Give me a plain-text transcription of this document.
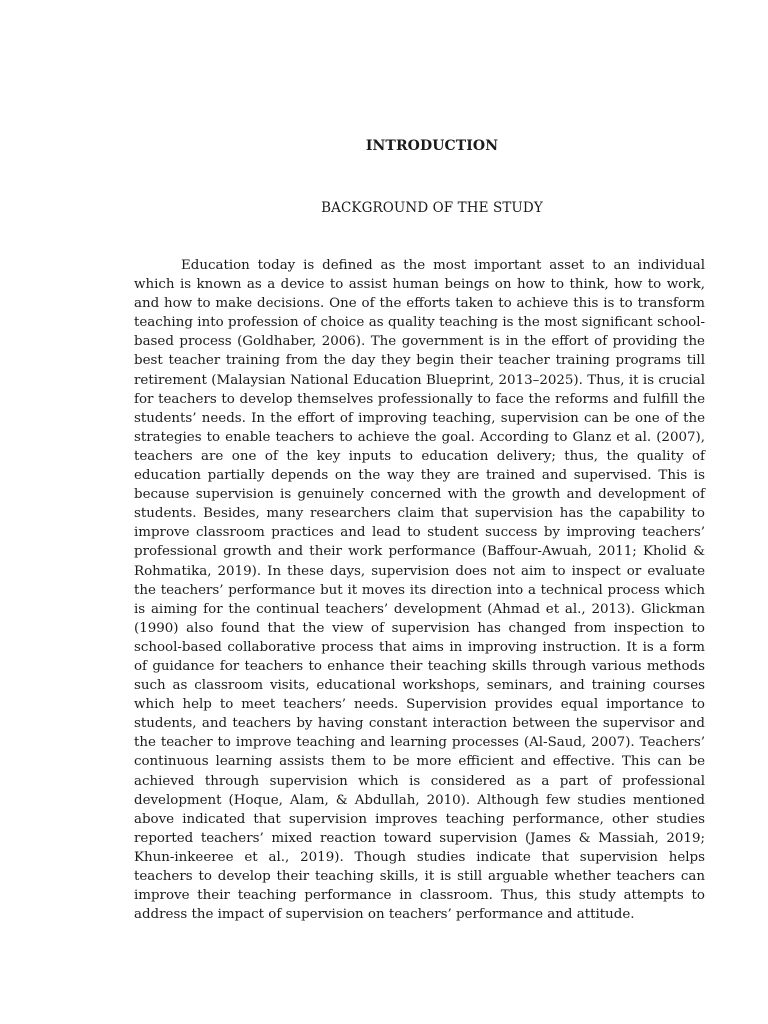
INTRODUCTION
BACKGROUND OF THE STUDY

Education today is defined as the most important asset to an individual which is known as a device to assist human beings on how to think, how to work, and how to make decisions. One of the efforts taken to achieve this is to transform teaching into profession of choice as quality teaching is the most significant school-based process (Goldhaber, 2006). The government is in the effort of providing the best teacher training from the day they begin their teacher training programs till retirement (Malaysian National Education Blueprint, 2013–2025). Thus, it is crucial for teachers to develop themselves professionally to face the reforms and fulfill the students’ needs. In the effort of improving teaching, supervision can be one of the strategies to enable teachers to achieve the goal. According to Glanz et al. (2007), teachers are one of the key inputs to education delivery; thus, the quality of education partially depends on the way they are trained and supervised. This is because supervision is genuinely concerned with the growth and development of students. Besides, many researchers claim that supervision has the capability to improve classroom practices and lead to student success by improving teachers’ professional growth and their work performance (Baffour-Awuah, 2011; Kholid & Rohmatika, 2019). In these days, supervision does not aim to inspect or evaluate the teachers’ performance but it moves its direction into a technical process which is aiming for the continual teachers’ development (Ahmad et al., 2013). Glickman (1990) also found that the view of supervision has changed from inspection to school-based collaborative process that aims in improving instruction. It is a form of guidance for teachers to enhance their teaching skills through various methods such as classroom visits, educational workshops, seminars, and training courses which help to meet teachers’ needs. Supervision provides equal importance to students, and teachers by having constant interaction between the supervisor and the teacher to improve teaching and learning processes (Al-Saud, 2007). Teachers’ continuous learning assists them to be more efficient and effective. This can be achieved through supervision which is considered as a part of professional development (Hoque, Alam, & Abdullah, 2010). Although few studies mentioned above indicated that supervision improves teaching performance, other studies reported teachers’ mixed reaction toward supervision (James & Massiah, 2019; Khun-inkeeree et al., 2019). Though studies indicate that supervision helps teachers to develop their teaching skills, it is still arguable whether teachers can improve their teaching performance in classroom. Thus, this study attempts to address the impact of supervision on teachers’ performance and attitude.
